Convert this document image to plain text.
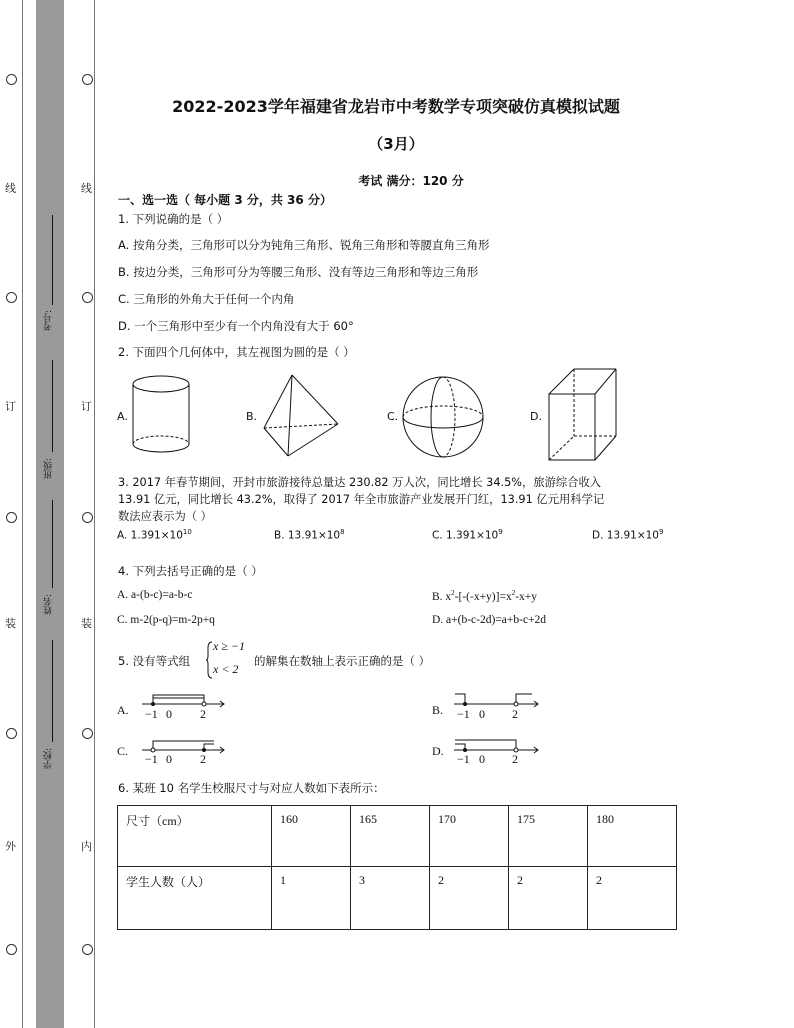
线
订
装
外
线
订
装
内
考号:
班级:
姓名:
学校:
2022-2023学年福建省龙岩市中考数学专项突破仿真模拟试题
（3月）
考试 满分：120 分
一、选一选（ 每小题 3 分，共 36 分）
1. 下列说确的是（ ）
A. 按角分类，三角形可以分为钝角三角形、锐角三角形和等腰直角三角形
B. 按边分类，三角形可分为等腰三角形、没有等边三角形和等边三角形
C. 三角形的外角大于任何一个内角
D. 一个三角形中至少有一个内角没有大于 60°
2. 下面四个几何体中，其左视图为圆的是（ ）
A.	B.	C.	D.
3. 2017 年春节期间，开封市旅游接待总量达 230.82 万人次，同比增长 34.5%，旅游综合收入
13.91 亿元，同比增长 43.2%，取得了 2017 年全市旅游产业发展开门红，13.91 亿元用科学记
数法应表示为（ ）
A. $1.391\times 10^{10}$	B. $13.91\times 10^8$	C. $1.391\times 10^9$	D. $13.91\times 10^9$
4. 下列去括号正确的是（ ）
A. a-(b-c)=a-b-c	B. $x^2-[-(-x+y)]=x^2-x+y$
C. m-2(p-q)=m-2p+q	D. a+(b-c-2d)=a+b-c+2d
5. 没有等式组
x ≥ −1
x < 2
的解集在数轴上表示正确的是（ ）
A. −1 0 2	B. −1 0 2
C.
−1 0 2
D.
−1 0 2
6. 某班 10 名学生校服尺寸与对应人数如下表所示：
尺寸（cm）	160	165	170	175	180
学生人数（人）	1	3	2	2	2
